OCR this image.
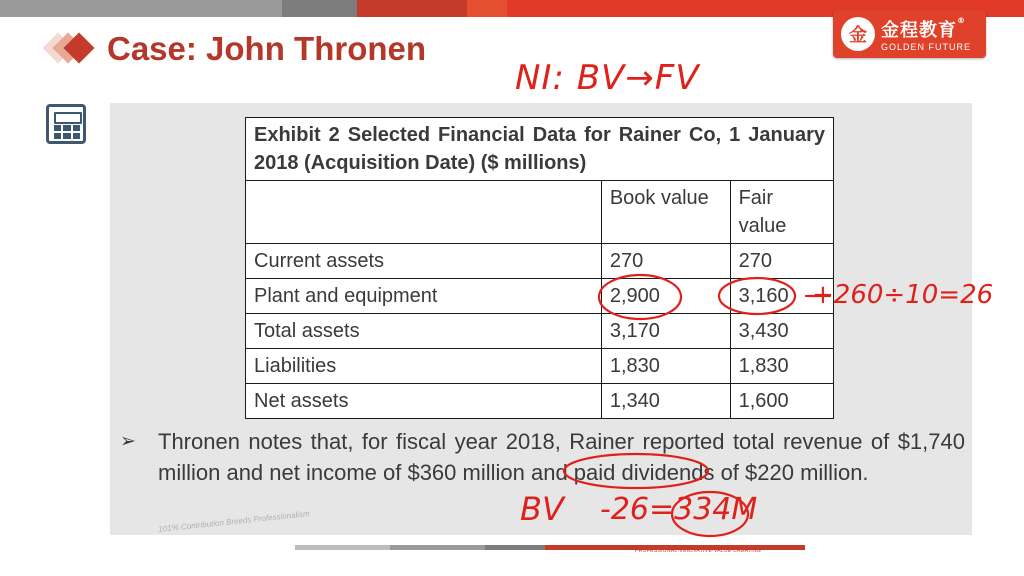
金 金程教育®
GOLDEN FUTURE
Case: John Thronen
Exhibit 2 Selected Financial Data for Rainer Co, 1 January 2018 (Acquisition Date) ($ millions)		
	Book value	Fair value
Current assets	270	270
Plant and equipment	2,900	3,160
Total assets	3,170	3,430
Liabilities	1,830	1,830
Net assets	1,340	1,600
➢ Thronen notes that, for fiscal year 2018, Rainer reported total revenue of $1,740 million and net income of $360 million and paid dividends of $220 million.
101% Contribution Breeds Professionalism
PROFESSIONAL·INNOVATIVE·VALUE CREATING
NI: BV→FV
+260÷10=26
BV -26=334M
